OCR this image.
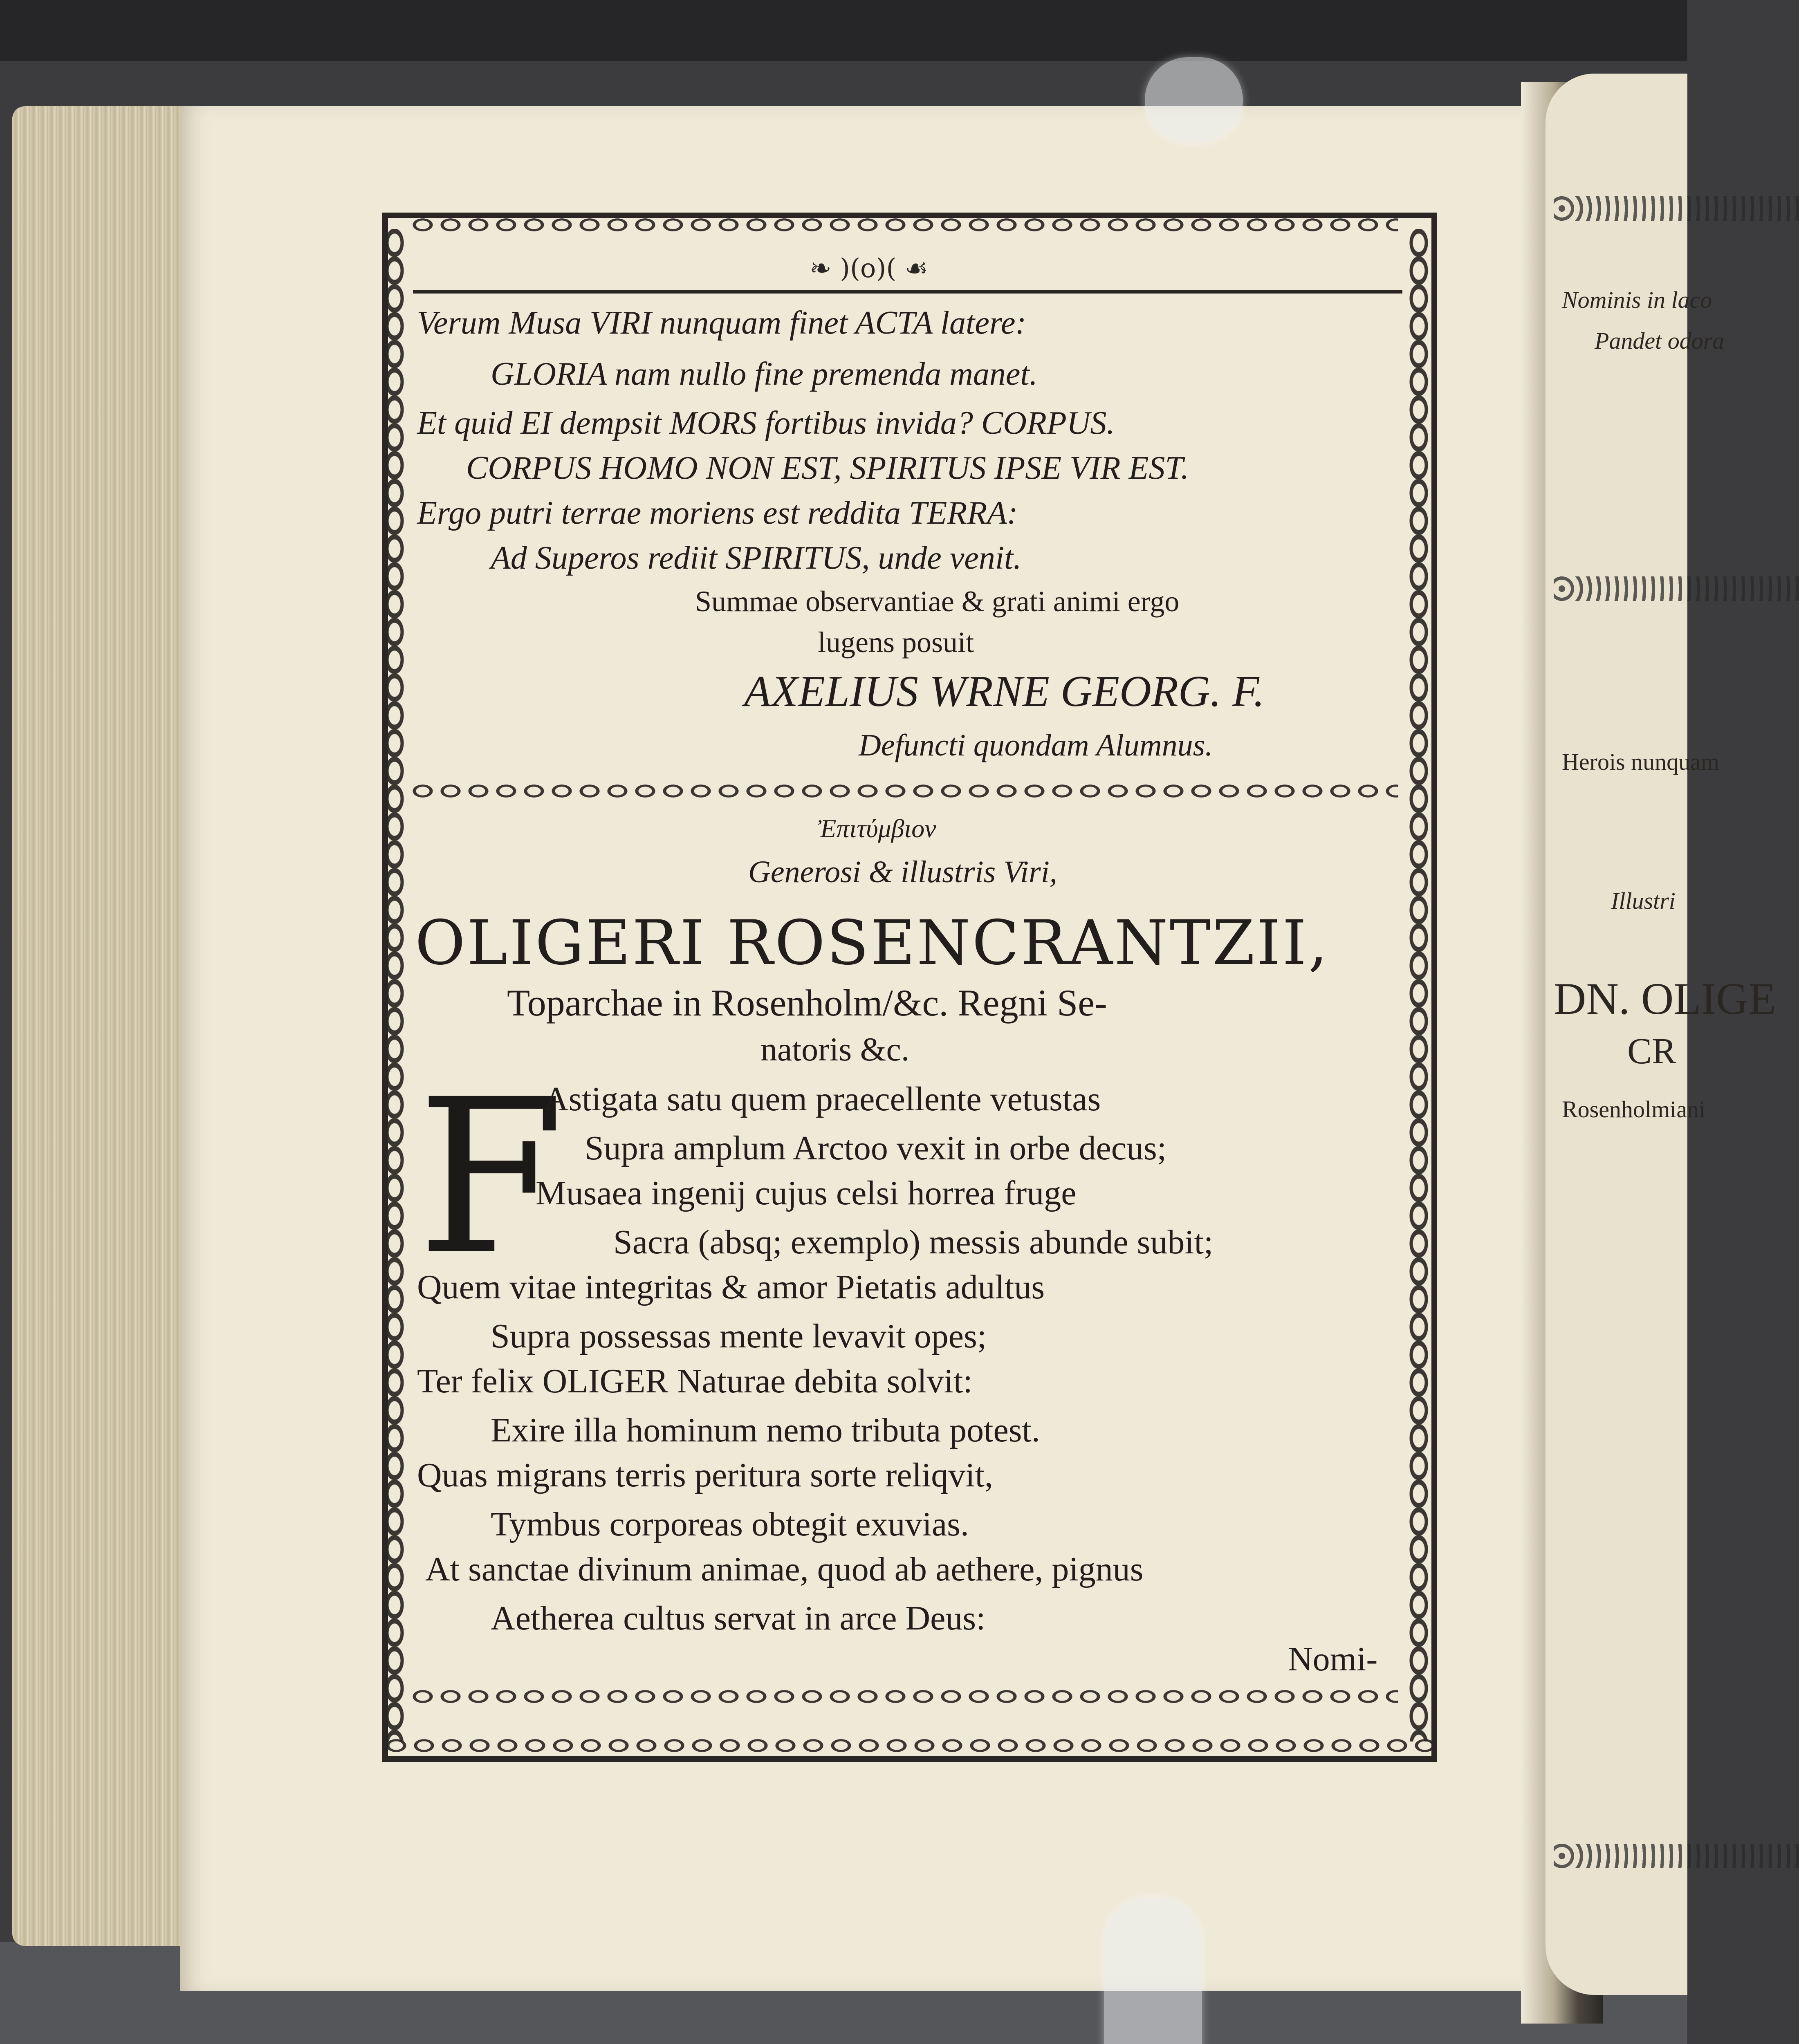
Nominis in laco
Pandet odora
Herois nunquam
Illustri
DN. OLIGE
CR
Rosenholmiani
❧ )(o)( ☙
Verum Musa VIRI nunquam finet ACTA latere:
GLORIA nam nullo fine premenda manet.
Et quid EI dempsit MORS fortibus invida? CORPUS.
CORPUS HOMO NON EST, SPIRITUS IPSE VIR EST.
Ergo putri terrae moriens est reddita TERRA:
Ad Superos rediit SPIRITUS, unde venit.
Summae observantiae & grati animi ergo
lugens posuit
AXELIUS WRNE GEORG. F.
Defuncti quondam Alumnus.
Ἐπιτύμβιον
Generosi & illustris Viri,
OLIGERI ROSENCRANTZII,
Toparchae in Rosenholm/&c. Regni Se-
natoris &c.
F
Astigata satu quem praecellente vetustas
Supra amplum Arctoo vexit in orbe decus;
Musaea ingenij cujus celsi horrea fruge
Sacra (absq; exemplo) messis abunde subit;
Quem vitae integritas & amor Pietatis adultus
Supra possessas mente levavit opes;
Ter felix OLIGER Naturae debita solvit:
Exire illa hominum nemo tributa potest.
Quas migrans terris peritura sorte reliqvit,
Tymbus corporeas obtegit exuvias.
At sanctae divinum animae, quod ab aethere, pignus
Aetherea cultus servat in arce Deus:
Nomi-
